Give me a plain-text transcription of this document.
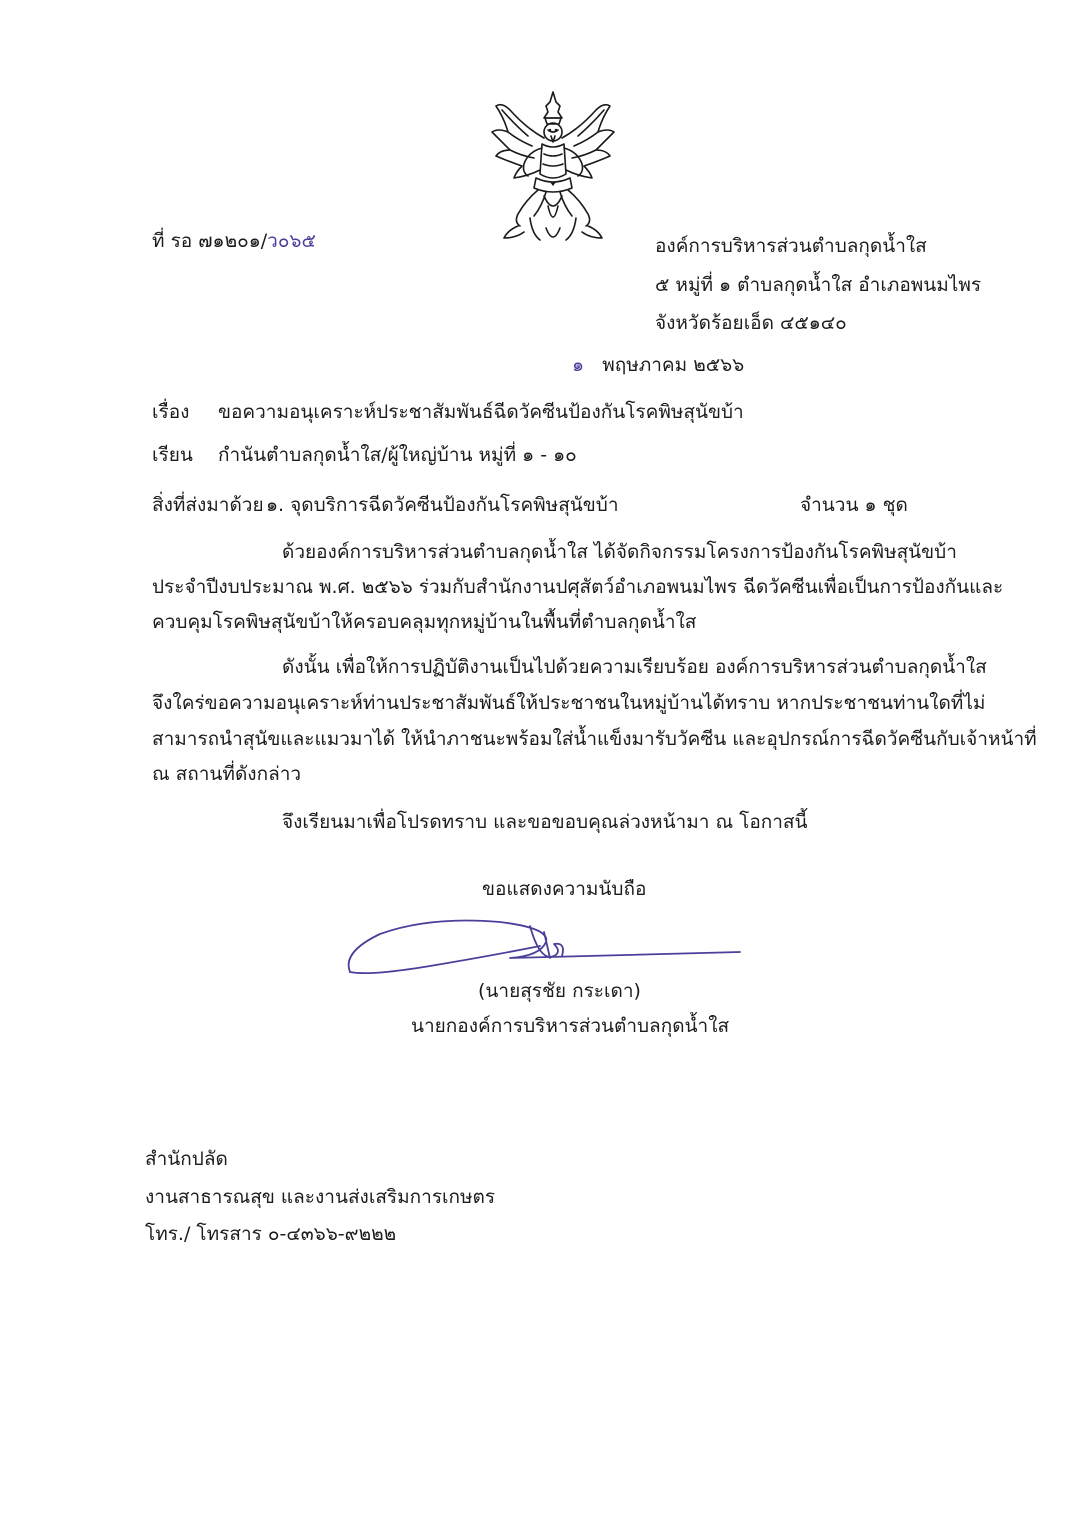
ที่ รอ ๗๑๒๐๑/ว๐๖๕	องค์การบริหารส่วนตำบลกุดน้ำใส
๕ หมู่ที่ ๑ ตำบลกุดน้ำใส อำเภอพนมไพร
จังหวัดร้อยเอ็ด ๔๕๑๔๐
๑ พฤษภาคม ๒๕๖๖
เรื่อง ขอความอนุเคราะห์ประชาสัมพันธ์ฉีดวัคซีนป้องกันโรคพิษสุนัขบ้า
เรียน กำนันตำบลกุดน้ำใส/ผู้ใหญ่บ้าน หมู่ที่ ๑ - ๑๐
สิ่งที่ส่งมาด้วย ๑. จุดบริการฉีดวัคซีนป้องกันโรคพิษสุนัขบ้า	จำนวน ๑ ชุด
ด้วยองค์การบริหารส่วนตำบลกุดน้ำใส ได้จัดกิจกรรมโครงการป้องกันโรคพิษสุนัขบ้า
ประจำปีงบประมาณ พ.ศ. ๒๕๖๖ ร่วมกับสำนักงานปศุสัตว์อำเภอพนมไพร ฉีดวัคซีนเพื่อเป็นการป้องกันและ
ควบคุมโรคพิษสุนัขบ้าให้ครอบคลุมทุกหมู่บ้านในพื้นที่ตำบลกุดน้ำใส
ดังนั้น เพื่อให้การปฏิบัติงานเป็นไปด้วยความเรียบร้อย องค์การบริหารส่วนตำบลกุดน้ำใส
จึงใคร่ขอความอนุเคราะห์ท่านประชาสัมพันธ์ให้ประชาชนในหมู่บ้านได้ทราบ หากประชาชนท่านใดที่ไม่
สามารถนำสุนัขและแมวมาได้ ให้นำภาชนะพร้อมใส่น้ำแข็งมารับวัคซีน และอุปกรณ์การฉีดวัคซีนกับเจ้าหน้าที่
ณ สถานที่ดังกล่าว
จึงเรียนมาเพื่อโปรดทราบ และขอขอบคุณล่วงหน้ามา ณ โอกาสนี้
ขอแสดงความนับถือ
(นายสุรชัย กระเดา)
นายกองค์การบริหารส่วนตำบลกุดน้ำใส
สำนักปลัด
งานสาธารณสุข และงานส่งเสริมการเกษตร
โทร./ โทรสาร ๐-๔๓๖๖-๙๒๒๒
